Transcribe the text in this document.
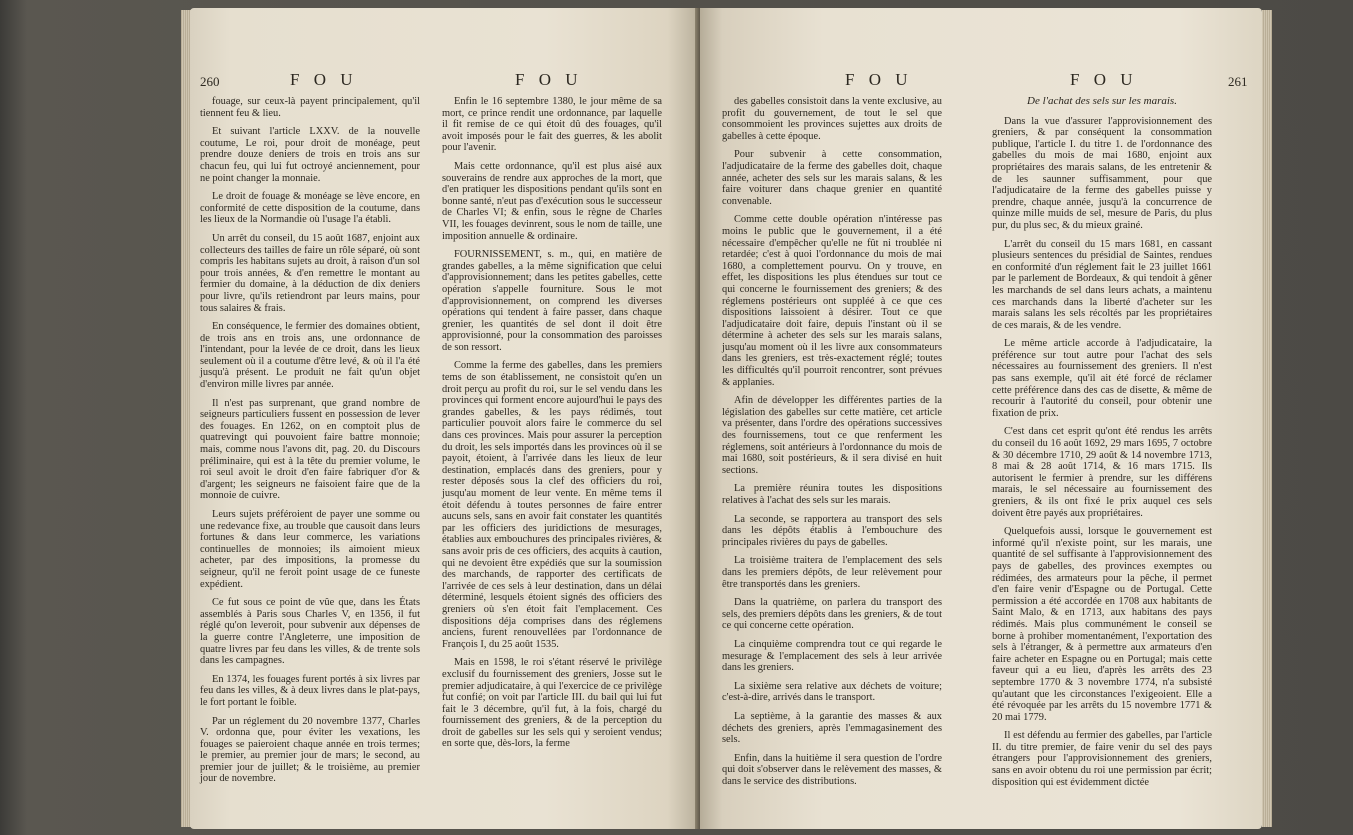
260	F O U	F O U

fouage, sur ceux-là payent principalement, qu'il tiennent feu & lieu.

Et suivant l'article LXXV. de la nouvelle coutume, Le roi, pour droit de monéage, peut prendre douze deniers de trois en trois ans sur chacun feu, qui lui fut octroyé anciennement, pour ne point changer la monnaie.

Le droit de fouage & monéage se lève encore, en conformité de cette disposition de la coutume, dans les lieux de la Normandie où l'usage l'a établi.

Un arrêt du conseil, du 15 août 1687, enjoint aux collecteurs des tailles de faire un rôle séparé, où sont compris les habitans sujets au droit, à raison d'un sol pour trois années, & d'en remettre le montant au fermier du domaine, à la déduction de dix deniers pour livre, qu'ils retiendront par leurs mains, pour tous salaires & frais.

En conséquence, le fermier des domaines obtient, de trois ans en trois ans, une ordonnance de l'intendant, pour la levée de ce droit, dans les lieux seulement où il a coutume d'être levé, & où il l'a été jusqu'à présent. Le produit ne fait qu'un objet d'environ mille livres par année.

Il n'est pas surprenant, que grand nombre de seigneurs particuliers fussent en possession de lever des fouages. En 1262, on en comptoit plus de quatrevingt qui pouvoient faire battre monnoie; mais, comme nous l'avons dit, pag. 20. du Discours préliminaire, qui est à la tête du premier volume, le roi seul avoit le droit d'en faire fabriquer d'or & d'argent; les seigneurs ne faisoient faire que de la monnoie de cuivre.

Leurs sujets préféroient de payer une somme ou une redevance fixe, au trouble que causoit dans leurs fortunes & dans leur commerce, les variations continuelles de monnoies; ils aimoient mieux acheter, par des impositions, la promesse du seigneur, qu'il ne feroit point usage de ce funeste expédient.

Ce fut sous ce point de vûe que, dans les États assemblés à Paris sous Charles V, en 1356, il fut réglé qu'on leveroit, pour subvenir aux dépenses de la guerre contre l'Angleterre, une imposition de quatre livres par feu dans les villes, & de trente sols dans les campagnes.

En 1374, les fouages furent portés à six livres par feu dans les villes, & à deux livres dans le plat-pays, le fort portant le foible.

Par un réglement du 20 novembre 1377, Charles V. ordonna que, pour éviter les vexations, les fouages se paieroient chaque année en trois termes; le premier, au premier jour de mars; le second, au premier jour de juillet; & le troisième, au premier jour de novembre.

Enfin le 16 septembre 1380, le jour même de sa mort, ce prince rendit une ordonnance, par laquelle il fit remise de ce qui étoit dû des fouages, qu'il avoit imposés pour le fait des guerres, & les abolit pour l'avenir.

Mais cette ordonnance, qu'il est plus aisé aux souverains de rendre aux approches de la mort, que d'en pratiquer les dispositions pendant qu'ils sont en bonne santé, n'eut pas d'exécution sous le successeur de Charles VI; & enfin, sous le règne de Charles VII, les fouages devinrent, sous le nom de taille, une imposition annuelle & ordinaire.

FOURNISSEMENT, s. m., qui, en matière de grandes gabelles, a la même signification que celui d'approvisionnement; dans les petites gabelles, cette opération s'appelle fourniture. Sous le mot d'approvisionnement, on comprend les diverses opérations qui tendent à faire passer, dans chaque grenier, les quantités de sel dont il doit être approvisionné, pour la consommation des paroisses de son ressort.

Comme la ferme des gabelles, dans les premiers tems de son établissement, ne consistoit qu'en un droit perçu au profit du roi, sur le sel vendu dans les provinces qui forment encore aujourd'hui le pays des grandes gabelles, & les pays rédimés, tout particulier pouvoit alors faire le commerce du sel dans ces provinces. Mais pour assurer la perception du droit, les sels importés dans les provinces où il se payoit, étoient, à l'arrivée dans les lieux de leur destination, emplacés dans des greniers, pour y rester déposés sous la clef des officiers du roi, jusqu'au moment de leur vente. En même tems il étoit défendu à toutes personnes de faire entrer aucuns sels, sans en avoir fait constater les quantités par les officiers des juridictions de mesurages, établies aux embouchures des principales rivières, & sans avoir pris de ces officiers, des acquits à caution, qui ne devoient être expédiés que sur la soumission des marchands, de rapporter des certificats de l'arrivée de ces sels à leur destination, dans un délai déterminé, lesquels étoient signés des officiers des greniers où s'en étoit fait l'emplacement. Ces dispositions déja comprises dans des réglemens anciens, furent renouvellées par l'ordonnance de François I, du 25 août 1535.

Mais en 1598, le roi s'étant réservé le privilège exclusif du fournissement des greniers, Josse sut le premier adjudicataire, à qui l'exercice de ce privilège fut confié; on voit par l'article III. du bail qui lui fut fait le 3 décembre, qu'il fut, à la fois, chargé du fournissement des greniers, & de la perception du droit de gabelles sur les sels qui y seroient vendus; en sorte que, dès-lors, la ferme

F O U	F O U	261

des gabelles consistoit dans la vente exclusive, au profit du gouvernement, de tout le sel que consommoient les provinces sujettes aux droits de gabelles à cette époque.

Pour subvenir à cette consommation, l'adjudicataire de la ferme des gabelles doit, chaque année, acheter des sels sur les marais salans, & les faire voiturer dans chaque grenier en quantité convenable.

Comme cette double opération n'intéresse pas moins le public que le gouvernement, il a été nécessaire d'empêcher qu'elle ne fût ni troublée ni retardée; c'est à quoi l'ordonnance du mois de mai 1680, a complettement pourvu. On y trouve, en effet, les dispositions les plus étendues sur tout ce qui concerne le fournissement des greniers; & des réglemens postérieurs ont suppléé à ce que ces dispositions laissoient à désirer. Tout ce que l'adjudicataire doit faire, depuis l'instant où il se détermine à acheter des sels sur les marais salans, jusqu'au moment où il les livre aux consommateurs dans les greniers, est très-exactement réglé; toutes les difficultés qu'il pourroit rencontrer, sont prévues & applanies.

Afin de développer les différentes parties de la législation des gabelles sur cette matière, cet article va présenter, dans l'ordre des opérations successives des fournissemens, tout ce que renferment les réglemens, soit antérieurs à l'ordonnance du mois de mai 1680, soit postérieurs, & il sera divisé en huit sections.

La première réunira toutes les dispositions relatives à l'achat des sels sur les marais.

La seconde, se rapportera au transport des sels dans les dépôts établis à l'embouchure des principales rivières du pays de gabelles.

La troisième traitera de l'emplacement des sels dans les premiers dépôts, de leur relèvement pour être transportés dans les greniers.

Dans la quatrième, on parlera du transport des sels, des premiers dépôts dans les greniers, & de tout ce qui concerne cette opération.

La cinquième comprendra tout ce qui regarde le mesurage & l'emplacement des sels à leur arrivée dans les greniers.

La sixième sera relative aux déchets de voiture; c'est-à-dire, arrivés dans le transport.

La septième, à la garantie des masses & aux déchets des greniers, après l'emmagasinement des sels.

Enfin, dans la huitième il sera question de l'ordre qui doit s'observer dans le relèvement des masses, & dans le service des distributions.

De l'achat des sels sur les marais.

Dans la vue d'assurer l'approvisionnement des greniers, & par conséquent la consommation publique, l'article I. du titre 1. de l'ordonnance des gabelles du mois de mai 1680, enjoint aux propriétaires des marais salans, de les entretenir & de les saunner suffisamment, pour que l'adjudicataire de la ferme des gabelles puisse y prendre, chaque année, jusqu'à la concurrence de quinze mille muids de sel, mesure de Paris, du plus pur, du plus sec, & du mieux grainé.

L'arrêt du conseil du 15 mars 1681, en cassant plusieurs sentences du présidial de Saintes, rendues en conformité d'un réglement fait le 23 juillet 1661 par le parlement de Bordeaux, & qui tendoit à gêner les marchands de sel dans leurs achats, a maintenu ces marchands dans la liberté d'acheter sur les marais salans les sels récoltés par les propriétaires de ces marais, & de les vendre.

Le même article accorde à l'adjudicataire, la préférence sur tout autre pour l'achat des sels nécessaires au fournissement des greniers. Il n'est pas sans exemple, qu'il ait été forcé de réclamer cette préférence dans des cas de disette, & même de recourir à l'autorité du conseil, pour obtenir une fixation de prix.

C'est dans cet esprit qu'ont été rendus les arrêts du conseil du 16 août 1692, 29 mars 1695, 7 octobre & 30 décembre 1710, 29 août & 14 novembre 1713, 8 mai & 28 août 1714, & 16 mars 1715. Ils autorisent le fermier à prendre, sur les différens marais, le sel nécessaire au fournissement des greniers, & ils ont fixé le prix auquel ces sels doivent être payés aux propriétaires.

Quelquefois aussi, lorsque le gouvernement est informé qu'il n'existe point, sur les marais, une quantité de sel suffisante à l'approvisionnement des pays de gabelles, des provinces exemptes ou rédimées, des armateurs pour la pêche, il permet d'en faire venir d'Espagne ou de Portugal. Cette permission a été accordée en 1708 aux habitants de Saint Malo, & en 1713, aux habitans des pays rédimés. Mais plus communément le conseil se borne à prohiber momentanément, l'exportation des sels à l'étranger, & à permettre aux armateurs d'en faire acheter en Espagne ou en Portugal; mais cette faveur qui a eu lieu, d'après les arrêts des 23 septembre 1770 & 3 novembre 1774, n'a subsisté qu'autant que les circonstances l'exigeoient. Elle a été révoquée par les arrêts du 15 novembre 1771 & 20 mai 1779.

Il est défendu au fermier des gabelles, par l'article II. du titre premier, de faire venir du sel des pays étrangers pour l'approvisionnement des greniers, sans en avoir obtenu du roi une permission par écrit; disposition qui est évidemment dictée
